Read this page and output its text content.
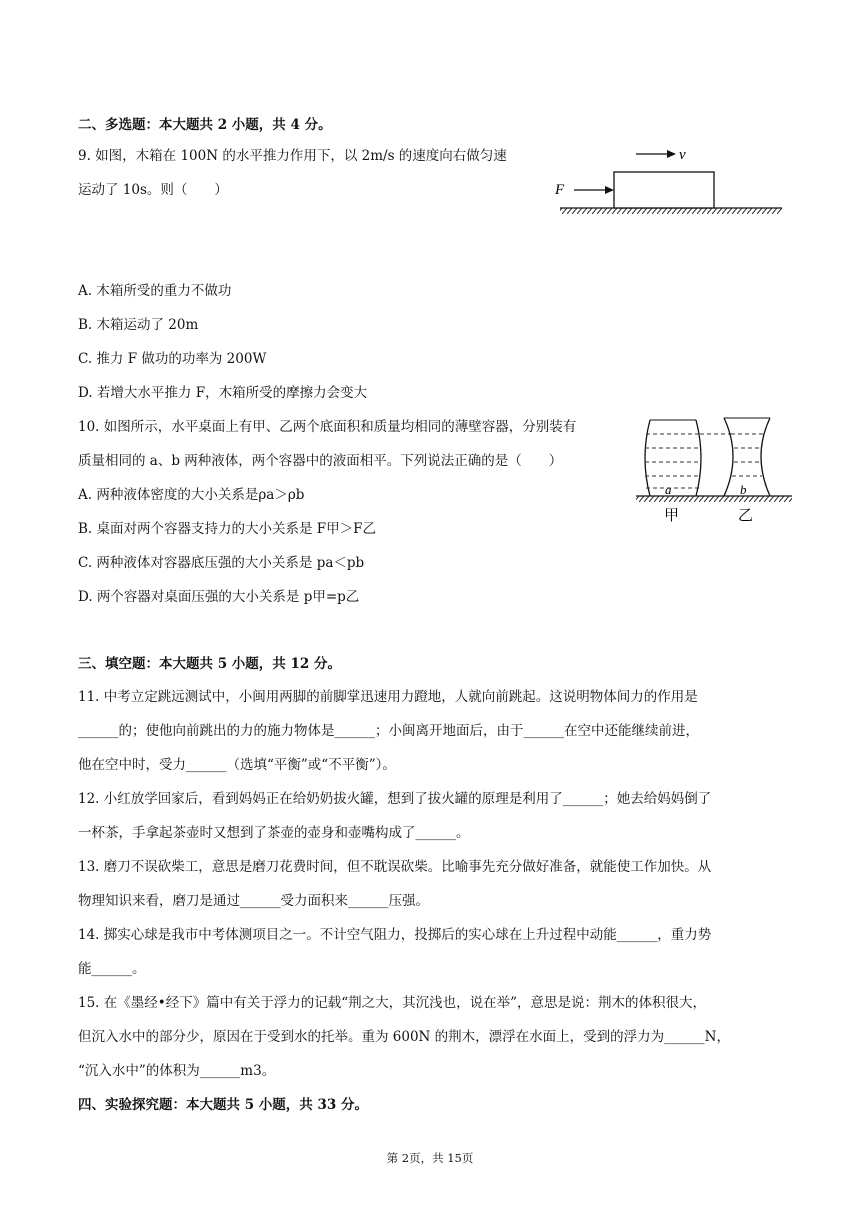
二、多选题：本大题共 2 小题，共 4 分。
9. 如图，木箱在 100N 的水平推力作用下，以 2m/s 的速度向右做匀速
运动了 10s。则（　　）	F
v
A. 木箱所受的重力不做功
B. 木箱运动了 20m
C. 推力 F 做功的功率为 200W
D. 若增大水平推力 F，木箱所受的摩擦力会变大
10. 如图所示，水平桌面上有甲、乙两个底面积和质量均相同的薄壁容器，分别装有
质量相同的 a、b 两种液体，两个容器中的液面相平。下列说法正确的是（　　）
a	b
甲	乙
A. 两种液体密度的大小关系是ρa＞ρb
B. 桌面对两个容器支持力的大小关系是 F甲＞F乙
C. 两种液体对容器底压强的大小关系是 pa＜pb
D. 两个容器对桌面压强的大小关系是 p甲=p乙
三、填空题：本大题共 5 小题，共 12 分。
11. 中考立定跳远测试中，小闽用两脚的前脚掌迅速用力蹬地，人就向前跳起。这说明物体间力的作用是
______的；使他向前跳出的力的施力物体是______；小闽离开地面后，由于______在空中还能继续前进，
他在空中时，受力______（选填“平衡”或“不平衡”）。
12. 小红放学回家后，看到妈妈正在给奶奶拔火罐，想到了拔火罐的原理是利用了______；她去给妈妈倒了
一杯茶，手拿起茶壶时又想到了茶壶的壶身和壶嘴构成了______。
13. 磨刀不误砍柴工，意思是磨刀花费时间，但不耽误砍柴。比喻事先充分做好准备，就能使工作加快。从
物理知识来看，磨刀是通过______受力面积来______压强。
14. 掷实心球是我市中考体测项目之一。不计空气阻力，投掷后的实心球在上升过程中动能______，重力势
能______。
15. 在《墨经•经下》篇中有关于浮力的记载“荆之大，其沉浅也，说在举”，意思是说：荆木的体积很大，
但沉入水中的部分少，原因在于受到水的托举。重为 600N 的荆木，漂浮在水面上，受到的浮力为______N，
“沉入水中”的体积为______m3。
四、实验探究题：本大题共 5 小题，共 33 分。
第 2页，共 15页
